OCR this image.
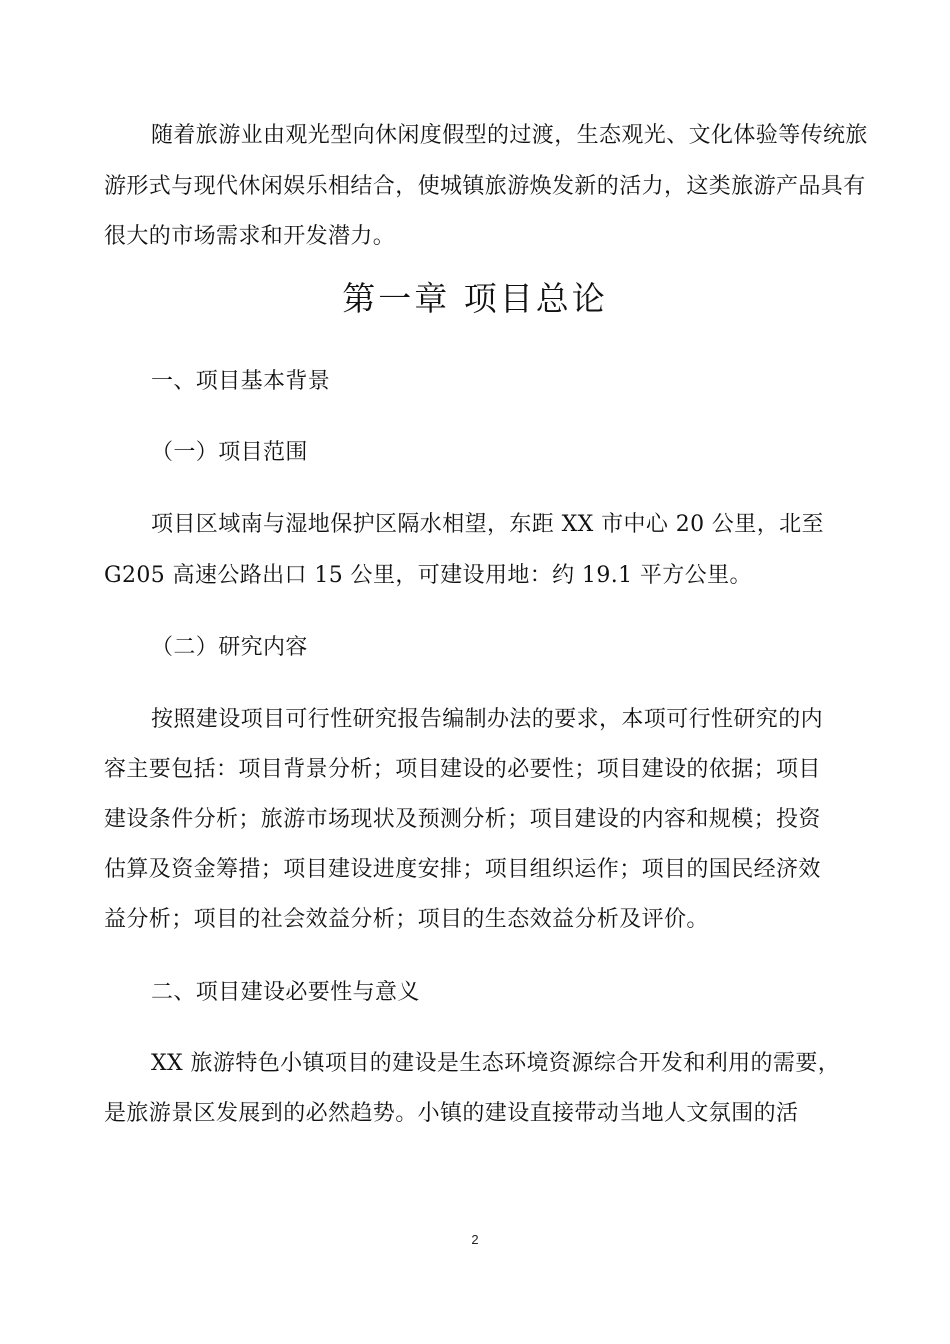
随着旅游业由观光型向休闲度假型的过渡，生态观光、文化体验等传统旅
游形式与现代休闲娱乐相结合，使城镇旅游焕发新的活力，这类旅游产品具有
很大的市场需求和开发潜力。
第一章 项目总论
一、项目基本背景
（一）项目范围
项目区域南与湿地保护区隔水相望，东距 XX 市中心 20 公里，北至
G205 高速公路出口 15 公里，可建设用地：约 19.1 平方公里。
（二）研究内容
按照建设项目可行性研究报告编制办法的要求，本项可行性研究的内
容主要包括：项目背景分析；项目建设的必要性；项目建设的依据；项目
建设条件分析；旅游市场现状及预测分析；项目建设的内容和规模；投资
估算及资金筹措；项目建设进度安排；项目组织运作；项目的国民经济效
益分析；项目的社会效益分析；项目的生态效益分析及评价。
二、项目建设必要性与意义
XX 旅游特色小镇项目的建设是生态环境资源综合开发和利用的需要，
是旅游景区发展到的必然趋势。小镇的建设直接带动当地人文氛围的活
2
